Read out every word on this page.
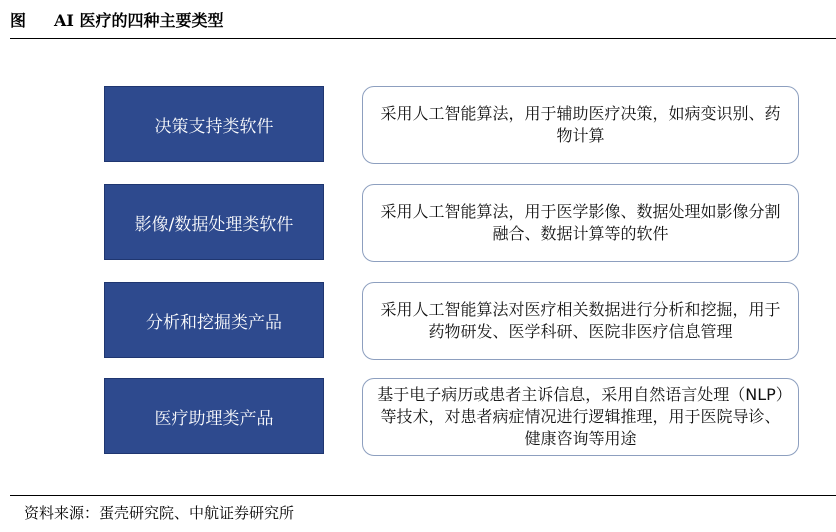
图 AI 医疗的四种主要类型
决策支持类软件
采用人工智能算法，用于辅助医疗决策，如病变识别、药物计算
影像/数据处理类软件
采用人工智能算法，用于医学影像、数据处理如影像分割融合、数据计算等的软件
分析和挖掘类产品
采用人工智能算法对医疗相关数据进行分析和挖掘，用于药物研发、医学科研、医院非医疗信息管理
医疗助理类产品
基于电子病历或患者主诉信息，采用自然语言处理（NLP）等技术，对患者病症情况进行逻辑推理，用于医院导诊、健康咨询等用途
资料来源：蛋壳研究院、中航证券研究所
